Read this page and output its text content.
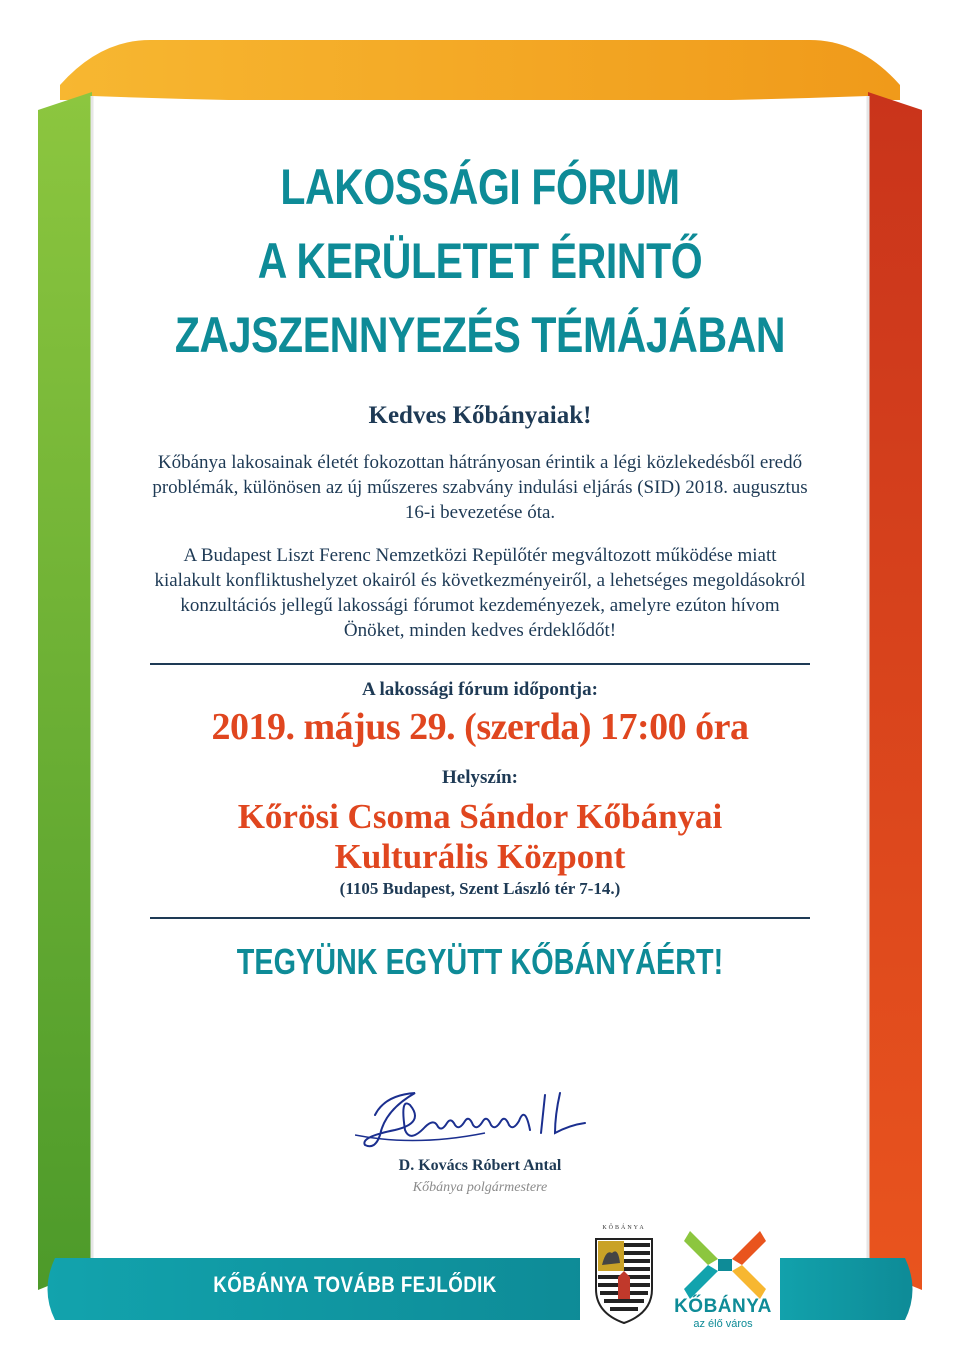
LAKOSSÁGI FÓRUM
A KERÜLETET ÉRINTŐ
ZAJSZENNYEZÉS TÉMÁJÁBAN
Kedves Kőbányaiak!

Kőbánya lakosainak életét fokozottan hátrányosan érintik a légi közlekedésből eredő problémák, különösen az új műszeres szabvány indulási eljárás (SID) 2018. augusztus 16-i bevezetése óta.

A Budapest Liszt Ferenc Nemzetközi Repülőtér megváltozott működése miatt kialakult konfliktushelyzet okairól és következményeiről, a lehetséges megoldásokról konzultációs jellegű lakossági fórumot kezdeményezek, amelyre ezúton hívom Önöket, minden kedves érdeklődőt!

A lakossági fórum időpontja:
2019. május 29. (szerda) 17:00 óra
Helyszín:
Kőrösi Csoma Sándor Kőbányai
Kulturális Központ
(1105 Budapest, Szent László tér 7-14.)
TEGYÜNK EGYÜTT KŐBÁNYÁÉRT!
D. Kovács Róbert Antal
Kőbánya polgármestere
KŐBÁNYA TOVÁBB FEJLŐDIK
KŐBÁNYA
KŐBÁNYA
az élő város
